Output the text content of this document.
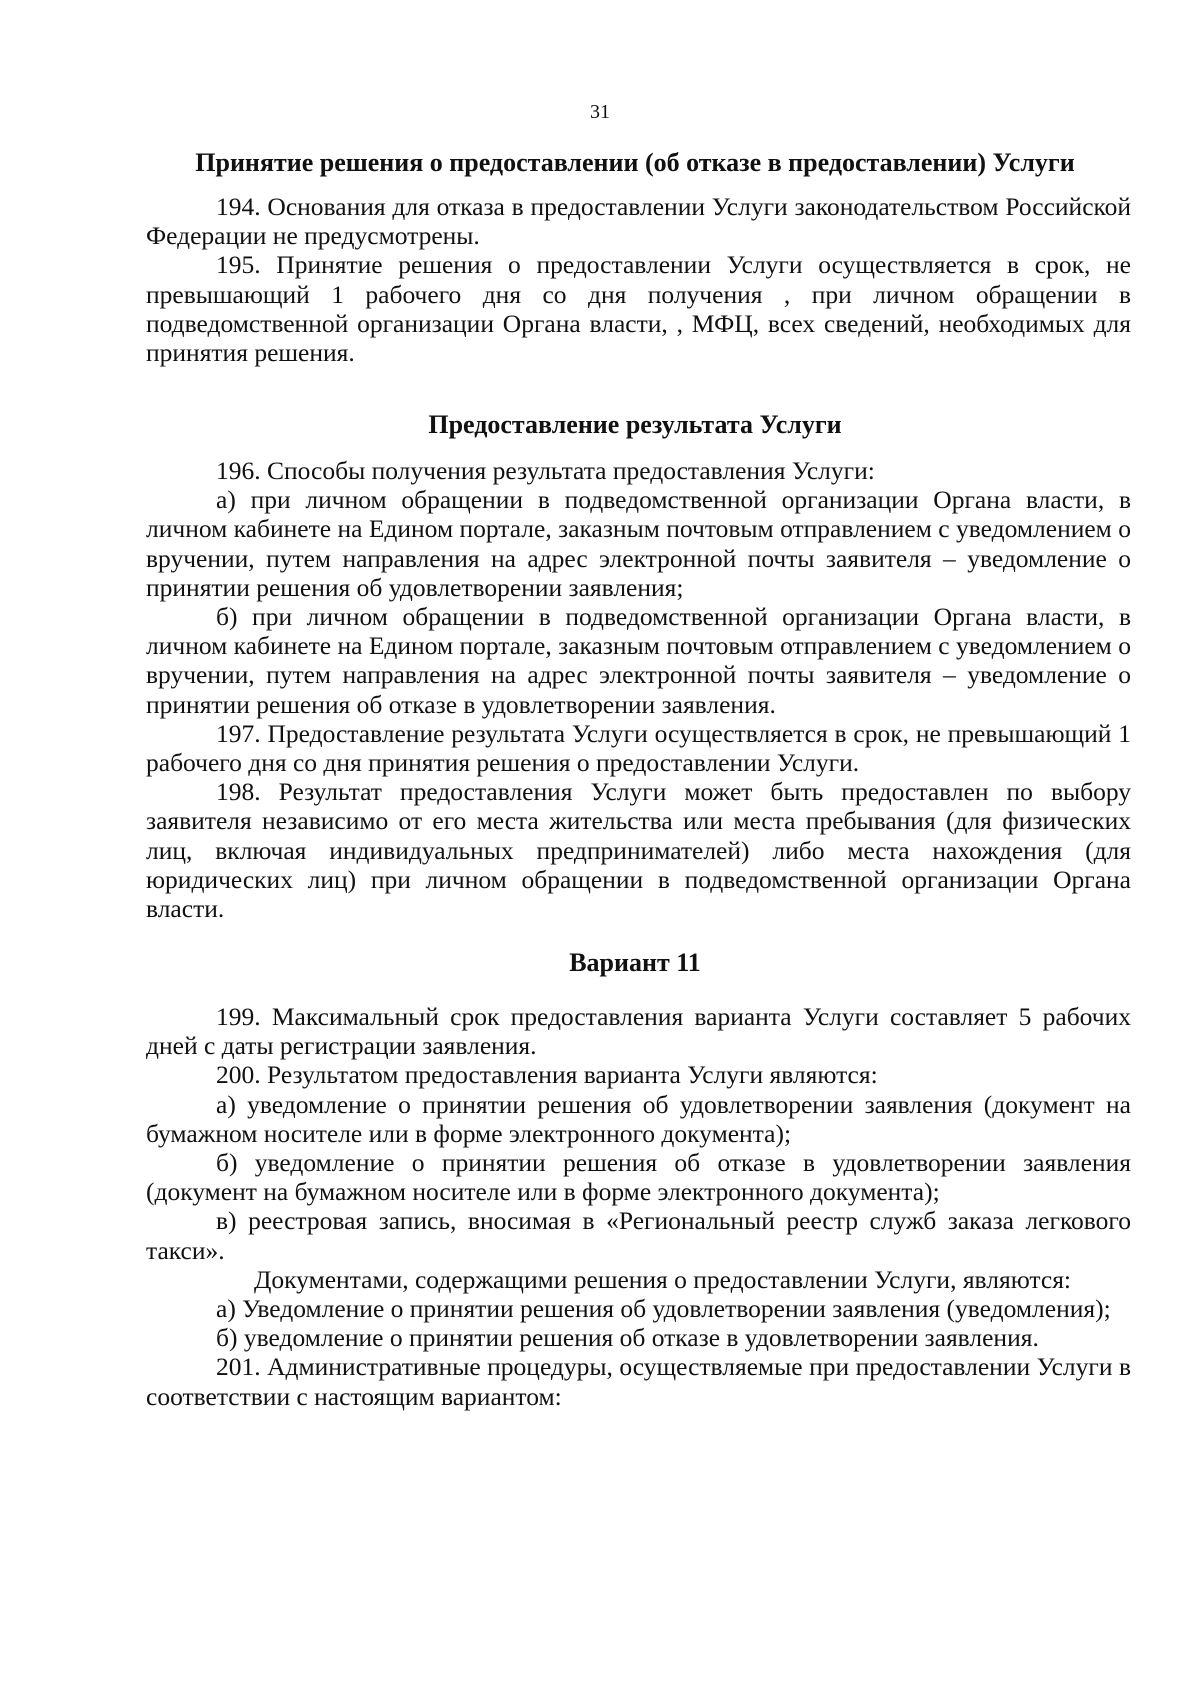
31
Принятие решения о предоставлении (об отказе в предоставлении) Услуги

194. Основания для отказа в предоставлении Услуги законодательством Российской Федерации не предусмотрены.

195. Принятие решения о предоставлении Услуги осуществляется в срок, не превышающий 1 рабочего дня со дня получения , при личном обращении в подведомственной организации Органа власти, , МФЦ, всех сведений, необходимых для принятия решения.

Предоставление результата Услуги

196. Способы получения результата предоставления Услуги:

а) при личном обращении в подведомственной организации Органа власти, в личном кабинете на Едином портале, заказным почтовым отправлением с уведомлением о вручении, путем направления на адрес электронной почты заявителя – уведомление о принятии решения об удовлетворении заявления;

б) при личном обращении в подведомственной организации Органа власти, в личном кабинете на Едином портале, заказным почтовым отправлением с уведомлением о вручении, путем направления на адрес электронной почты заявителя – уведомление о принятии решения об отказе в удовлетворении заявления.

197. Предоставление результата Услуги осуществляется в срок, не превышающий 1 рабочего дня со дня принятия решения о предоставлении Услуги.

198. Результат предоставления Услуги может быть предоставлен по выбору заявителя независимо от его места жительства или места пребывания (для физических лиц, включая индивидуальных предпринимателей) либо места нахождения (для юридических лиц) при личном обращении в подведомственной организации Органа власти.

Вариант 11

199. Максимальный срок предоставления варианта Услуги составляет 5 рабочих дней с даты регистрации заявления.

200. Результатом предоставления варианта Услуги являются:

а) уведомление о принятии решения об удовлетворении заявления (документ на бумажном носителе или в форме электронного документа);

б) уведомление о принятии решения об отказе в удовлетворении заявления (документ на бумажном носителе или в форме электронного документа);

в) реестровая запись, вносимая в «Региональный реестр служб заказа легкового такси».

Документами, содержащими решения о предоставлении Услуги, являются:

а) Уведомление о принятии решения об удовлетворении заявления (уведомления);

б) уведомление о принятии решения об отказе в удовлетворении заявления.

201. Административные процедуры, осуществляемые при предоставлении Услуги в соответствии с настоящим вариантом:
